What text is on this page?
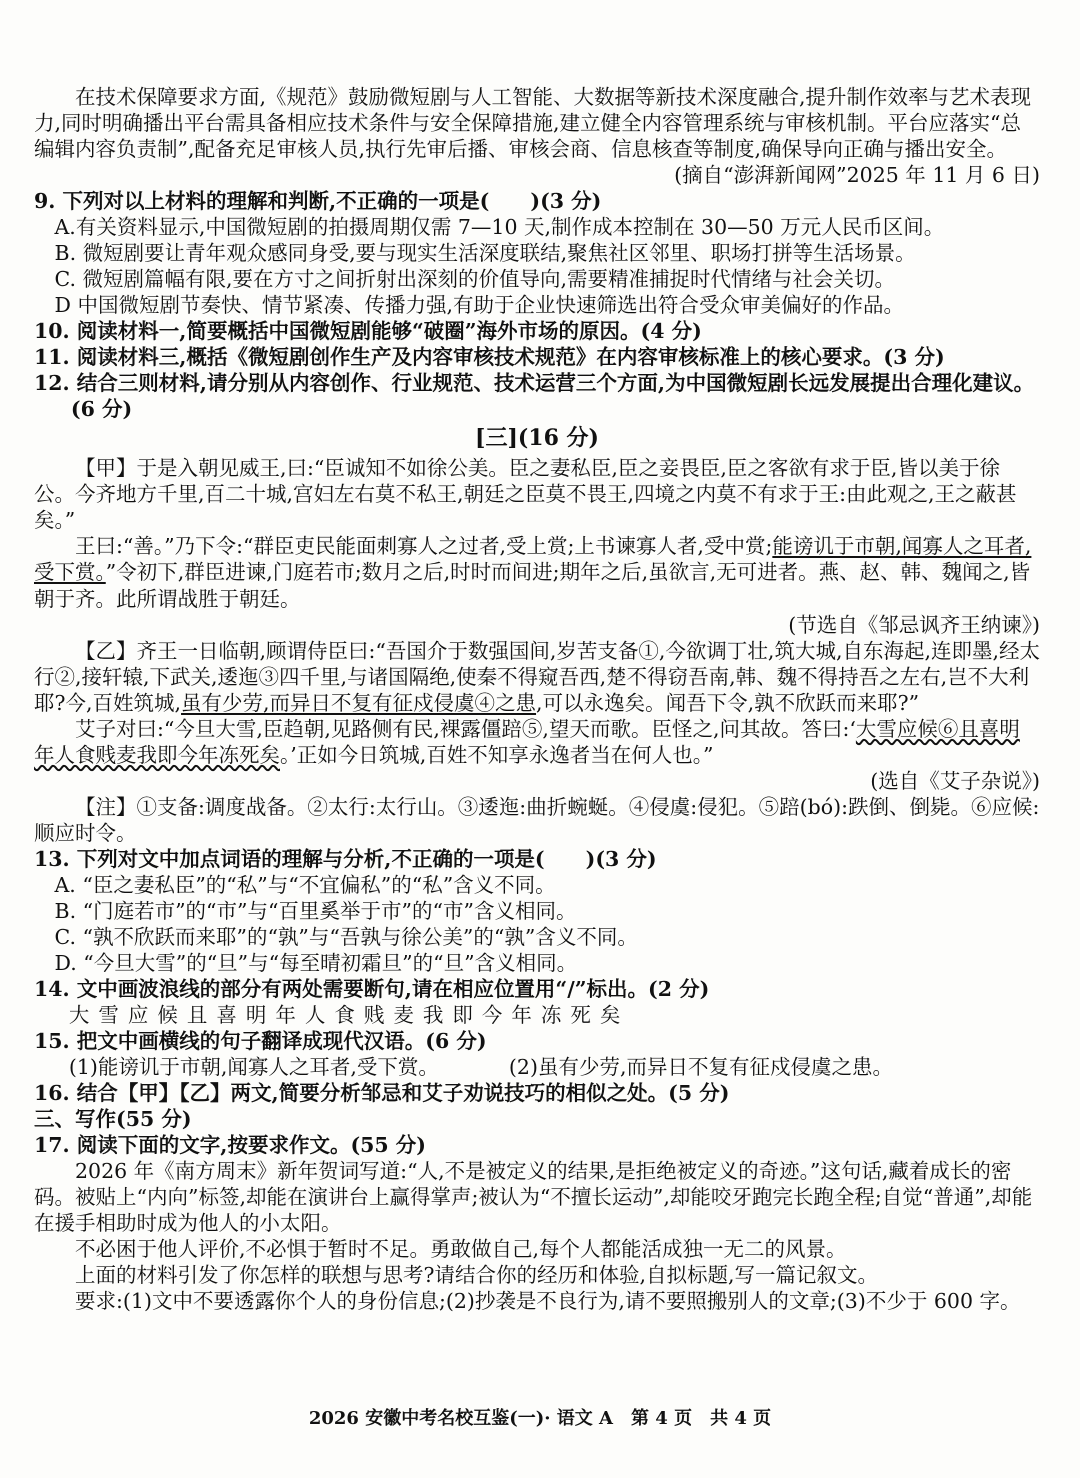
在技术保障要求方面,《规范》鼓励微短剧与人工智能、大数据等新技术深度融合,提升制作效率与艺术表现力,同时明确播出平台需具备相应技术条件与安全保障措施,建立健全内容管理系统与审核机制。平台应落实“总编辑内容负责制”,配备充足审核人员,执行先审后播、审核会商、信息核查等制度,确保导向正确与播出安全。

(摘自“澎湃新闻网”2025 年 11 月 6 日)

9. 下列对以上材料的理解和判断,不正确的一项是(　　)(3 分)

A.有关资料显示,中国微短剧的拍摄周期仅需 7—10 天,制作成本控制在 30—50 万元人民币区间。

B. 微短剧要让青年观众感同身受,要与现实生活深度联结,聚焦社区邻里、职场打拼等生活场景。

C. 微短剧篇幅有限,要在方寸之间折射出深刻的价值导向,需要精准捕捉时代情绪与社会关切。

D 中国微短剧节奏快、情节紧凑、传播力强,有助于企业快速筛选出符合受众审美偏好的作品。

10. 阅读材料一,简要概括中国微短剧能够“破圈”海外市场的原因。(4 分)

11. 阅读材料三,概括《微短剧创作生产及内容审核技术规范》在内容审核标准上的核心要求。(3 分)

12. 结合三则材料,请分别从内容创作、行业规范、技术运营三个方面,为中国微短剧长远发展提出合理化建议。(6 分)

[三](16 分)

【甲】于是入朝见威王,曰:“臣诚知不如徐公美。臣之妻私臣,臣之妾畏臣,臣之客欲有求于臣,皆以美于徐公。今齐地方千里,百二十城,宫妇左右莫不私王,朝廷之臣莫不畏王,四境之内莫不有求于王:由此观之,王之蔽甚矣。”

王曰:“善。”乃下令:“群臣吏民能面刺寡人之过者,受上赏;上书谏寡人者,受中赏;能谤讥于市朝,闻寡人之耳者,受下赏。”令初下,群臣进谏,门庭若市;数月之后,时时而间进;期年之后,虽欲言,无可进者。燕、赵、韩、魏闻之,皆朝于齐。此所谓战胜于朝廷。

(节选自《邹忌讽齐王纳谏》)

【乙】齐王一日临朝,顾谓侍臣曰:“吾国介于数强国间,岁苦支备①,今欲调丁壮,筑大城,自东海起,连即墨,经太行②,接轩辕,下武关,逶迤③四千里,与诸国隔绝,使秦不得窥吾西,楚不得窃吾南,韩、魏不得持吾之左右,岂不大利耶?今,百姓筑城,虽有少劳,而异日不复有征戍侵虞④之患,可以永逸矣。闻吾下令,孰不欣跃而来耶?”

艾子对曰:“今旦大雪,臣趋朝,见路侧有民,裸露僵踣⑤,望天而歌。臣怪之,问其故。答曰:‘大雪应候⑥且喜明年人食贱麦我即今年冻死矣。’正如今日筑城,百姓不知享永逸者当在何人也。”

(选自《艾子杂说》)

【注】①支备:调度战备。②太行:太行山。③逶迤:曲折蜿蜒。④侵虞:侵犯。⑤踣(bó):跌倒、倒毙。⑥应候:顺应时令。

13. 下列对文中加点词语的理解与分析,不正确的一项是(　　)(3 分)

A. “臣之妻私臣”的“私”与“不宜偏私”的“私”含义不同。

B. “门庭若市”的“市”与“百里奚举于市”的“市”含义相同。

C. “孰不欣跃而来耶”的“孰”与“吾孰与徐公美”的“孰”含义不同。

D. “今旦大雪”的“旦”与“每至晴初霜旦”的“旦”含义相同。

14. 文中画波浪线的部分有两处需要断句,请在相应位置用“/”标出。(2 分)

大雪应候且喜明年人食贱麦我即今年冻死矣

15. 把文中画横线的句子翻译成现代汉语。(6 分)

(1)能谤讥于市朝,闻寡人之耳者,受下赏。	(2)虽有少劳,而异日不复有征戍侵虞之患。

16. 结合【甲】【乙】两文,简要分析邹忌和艾子劝说技巧的相似之处。(5 分)

三、写作(55 分)

17. 阅读下面的文字,按要求作文。(55 分)

2026 年《南方周末》新年贺词写道:“人,不是被定义的结果,是拒绝被定义的奇迹。”这句话,藏着成长的密码。被贴上“内向”标签,却能在演讲台上赢得掌声;被认为“不擅长运动”,却能咬牙跑完长跑全程;自觉“普通”,却能在援手相助时成为他人的小太阳。

不必困于他人评价,不必惧于暂时不足。勇敢做自己,每个人都能活成独一无二的风景。

上面的材料引发了你怎样的联想与思考?请结合你的经历和体验,自拟标题,写一篇记叙文。

要求:(1)文中不要透露你个人的身份信息;(2)抄袭是不良行为,请不要照搬别人的文章;(3)不少于 600 字。

2026 安徽中考名校互鉴(一)· 语文 A　第 4 页　共 4 页
